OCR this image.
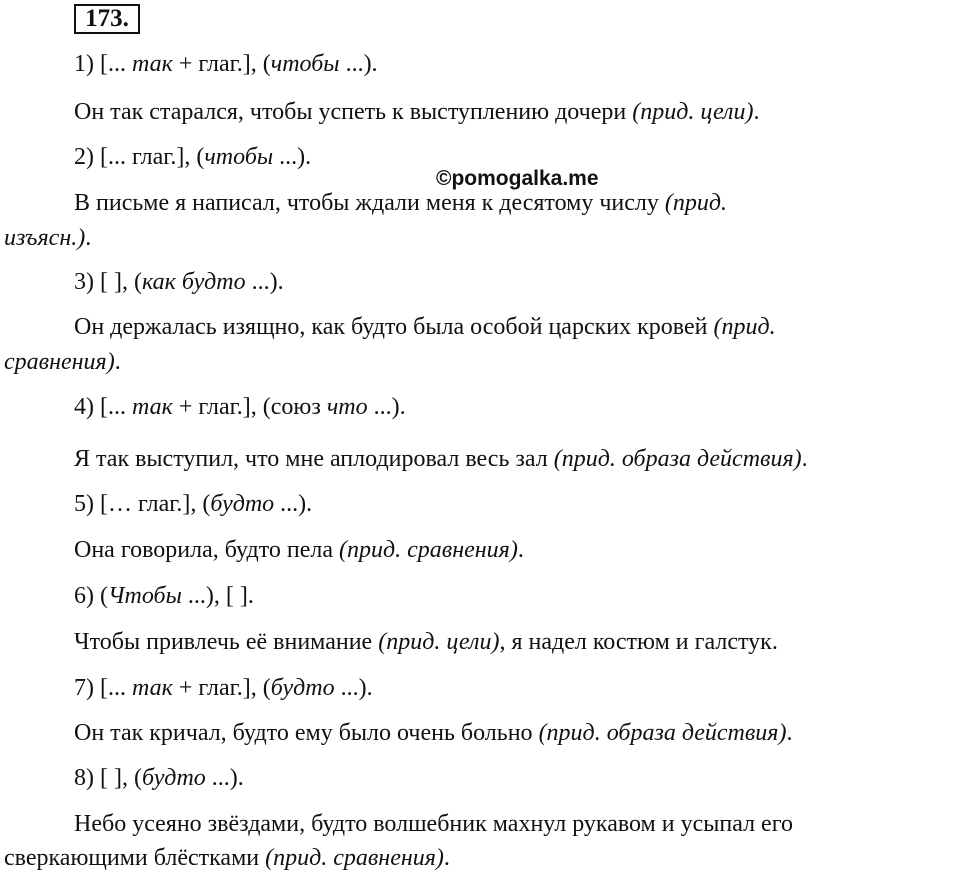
173.
1) [... так + глаг.], (чтобы ...).
Он так старался, чтобы успеть к выступлению дочери (прид. цели).
2) [... глаг.], (чтобы ...).
©pomogalka.me
В письме я написал, чтобы ждали меня к десятому числу (прид.
изъясн.).
3) [ ], (как будто ...).
Он держалась изящно, как будто была особой царских кровей (прид.
сравнения).
4) [... так + глаг.], (союз что ...).
Я так выступил, что мне аплодировал весь зал (прид. образа действия).
5) [… глаг.], (будто ...).
Она говорила, будто пела (прид. сравнения).
6) (Чтобы ...), [ ].
Чтобы привлечь её внимание (прид. цели), я надел костюм и галстук.
7) [... так + глаг.], (будто ...).
Он так кричал, будто ему было очень больно (прид. образа действия).
8) [ ], (будто ...).
Небо усеяно звёздами, будто волшебник махнул рукавом и усыпал его
сверкающими блёстками (прид. сравнения).
